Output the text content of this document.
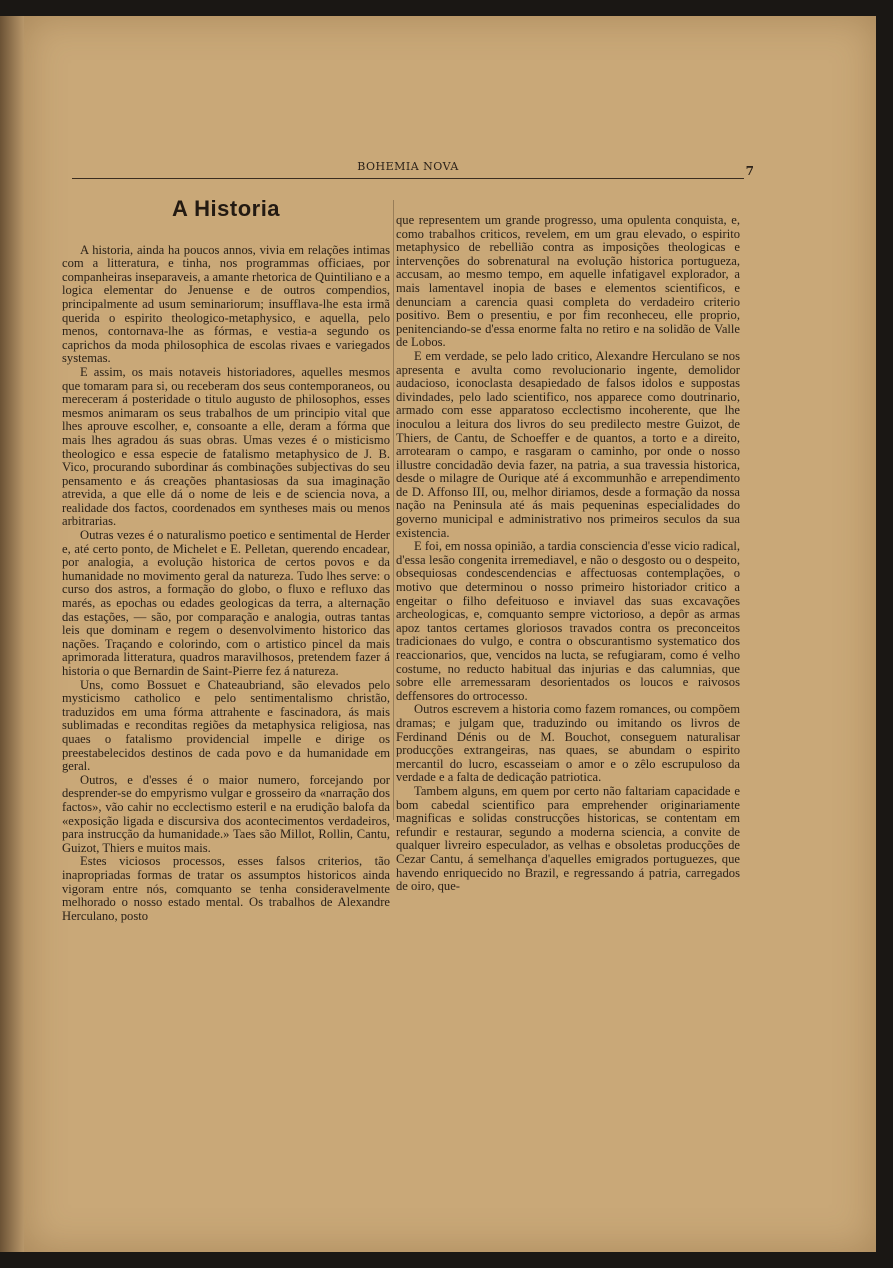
BOHEMIA NOVA	7
A Historia

A historia, ainda ha poucos annos, vivia em relações intimas com a litteratura, e tinha, nos programmas officiaes, por companheiras inseparaveis, a amante rhetorica de Quintiliano e a logica elementar do Jenuense e de outros compendios, principalmente ad usum seminariorum; insufflava-lhe esta irmã querida o espirito theologico-metaphysico, e aquella, pelo menos, contornava-lhe as fórmas, e vestia-a segundo os caprichos da moda philosophica de escolas rivaes e variegados systemas.

E assim, os mais notaveis historiadores, aquelles mesmos que tomaram para si, ou receberam dos seus contemporaneos, ou mereceram á posteridade o titulo augusto de philosophos, esses mesmos animaram os seus trabalhos de um principio vital que lhes aprouve escolher, e, consoante a elle, deram a fórma que mais lhes agradou ás suas obras. Umas vezes é o misticismo theologico e essa especie de fatalismo metaphysico de J. B. Vico, procurando subordinar ás combinações subjectivas do seu pensamento e ás creações phantasiosas da sua imaginação atrevida, a que elle dá o nome de leis e de sciencia nova, a realidade dos factos, coordenados em syntheses mais ou menos arbitrarias.

Outras vezes é o naturalismo poetico e sentimental de Herder e, até certo ponto, de Michelet e E. Pelletan, querendo encadear, por analogia, a evolução historica de certos povos e da humanidade no movimento geral da natureza. Tudo lhes serve: o curso dos astros, a formação do globo, o fluxo e refluxo das marés, as epochas ou edades geologicas da terra, a alternação das estações, — são, por comparação e analogia, outras tantas leis que dominam e regem o desenvolvimento historico das nações. Traçando e colorindo, com o artistico pincel da mais aprimorada litteratura, quadros maravilhosos, pretendem fazer á historia o que Bernardin de Saint-Pierre fez á natureza.

Uns, como Bossuet e Chateaubriand, são elevados pelo mysticismo catholico e pelo sentimentalismo christão, traduzidos em uma fórma attrahente e fascinadora, ás mais sublimadas e reconditas regiões da metaphysica religiosa, nas quaes o fatalismo providencial impelle e dirige os preestabelecidos destinos de cada povo e da humanidade em geral.

Outros, e d'esses é o maior numero, forcejando por desprender-se do empyrismo vulgar e grosseiro da «narração dos factos», vão cahir no ecclectismo esteril e na erudição balofa da «exposição ligada e discursiva dos acontecimentos verdadeiros, para instrucção da humanidade.» Taes são Millot, Rollin, Cantu, Guizot, Thiers e muitos mais.

Estes viciosos processos, esses falsos criterios, tão inapropriadas formas de tratar os assumptos historicos ainda vigoram entre nós, comquanto se tenha consideravelmente melhorado o nosso estado mental. Os trabalhos de Alexandre Herculano, posto

que representem um grande progresso, uma opulenta conquista, e, como trabalhos criticos, revelem, em um grau elevado, o espirito metaphysico de rebellião contra as imposições theologicas e intervenções do sobrenatural na evolução historica portugueza, accusam, ao mesmo tempo, em aquelle infatigavel explorador, a mais lamentavel inopia de bases e elementos scientificos, e denunciam a carencia quasi completa do verdadeiro criterio positivo. Bem o presentiu, e por fim reconheceu, elle proprio, penitenciando-se d'essa enorme falta no retiro e na solidão de Valle de Lobos.

E em verdade, se pelo lado critico, Alexandre Herculano se nos apresenta e avulta como revolucionario ingente, demolidor audacioso, iconoclasta desapiedado de falsos idolos e suppostas divindades, pelo lado scientifico, nos apparece como doutrinario, armado com esse apparatoso ecclectismo incoherente, que lhe inoculou a leitura dos livros do seu predilecto mestre Guizot, de Thiers, de Cantu, de Schoeffer e de quantos, a torto e a direito, arrotearam o campo, e rasgaram o caminho, por onde o nosso illustre concidadão devia fazer, na patria, a sua travessia historica, desde o milagre de Ourique até á excommunhão e arrependimento de D. Affonso III, ou, melhor diriamos, desde a formação da nossa nação na Peninsula até ás mais pequeninas especialidades do governo municipal e administrativo nos primeiros seculos da sua existencia.

E foi, em nossa opinião, a tardia consciencia d'esse vicio radical, d'essa lesão congenita irremediavel, e não o desgosto ou o despeito, obsequiosas condescendencias e affectuosas contemplações, o motivo que determinou o nosso primeiro historiador critico a engeitar o filho defeituoso e inviavel das suas excavações archeologicas, e, comquanto sempre victorioso, a depôr as armas apoz tantos certames gloriosos travados contra os preconceitos tradicionaes do vulgo, e contra o obscurantismo systematico dos reaccionarios, que, vencidos na lucta, se refugiaram, como é velho costume, no reducto habitual das injurias e das calumnias, que sobre elle arremessaram desorientados os loucos e raivosos deffensores do ortrocesso.

Outros escrevem a historia como fazem romances, ou compõem dramas; e julgam que, traduzindo ou imitando os livros de Ferdinand Dénis ou de M. Bouchot, conseguem naturalisar producções extrangeiras, nas quaes, se abundam o espirito mercantil do lucro, escasseiam o amor e o zêlo escrupuloso da verdade e a falta de dedicação patriotica.

Tambem alguns, em quem por certo não faltariam capacidade e bom cabedal scientifico para emprehender originariamente magnificas e solidas construcções historicas, se contentam em refundir e restaurar, segundo a moderna sciencia, a convite de qualquer livreiro especulador, as velhas e obsoletas producções de Cezar Cantu, á semelhança d'aquelles emigrados portuguezes, que havendo enriquecido no Brazil, e regressando á patria, carregados de oiro, que-
